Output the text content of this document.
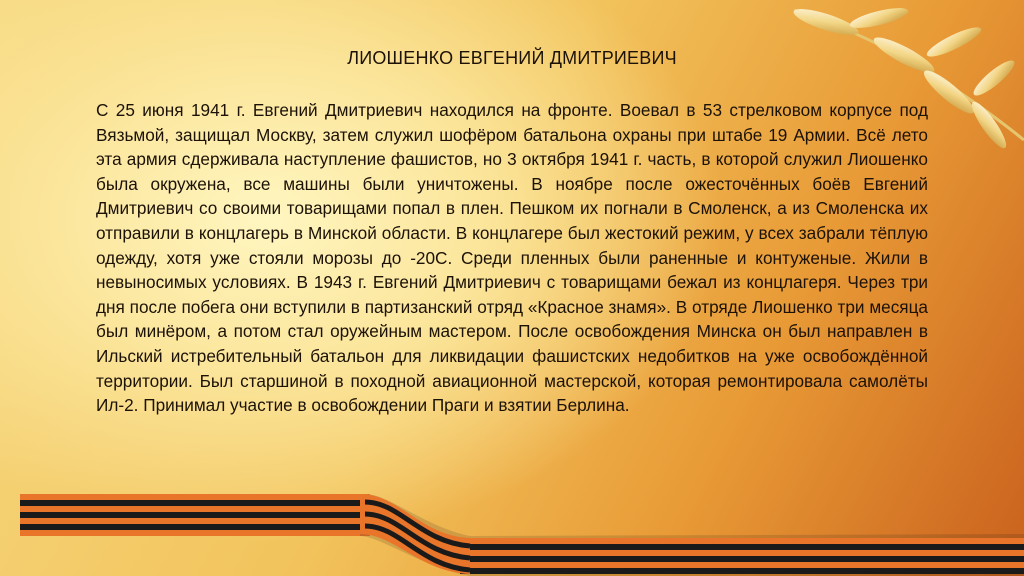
ЛИОШЕНКО ЕВГЕНИЙ ДМИТРИЕВИЧ
С 25 июня 1941 г. Евгений Дмитриевич находился на фронте. Воевал в 53 стрелковом корпусе под Вязьмой, защищал Москву, затем служил шофёром батальона охраны при штабе 19 Армии. Всё лето эта армия сдерживала наступление фашистов, но 3 октября 1941 г. часть, в которой служил Лиошенко была окружена, все машины были уничтожены. В ноябре после ожесточённых боёв Евгений Дмитриевич со своими товарищами попал в плен. Пешком их погнали в Смоленск, а из Смоленска их отправили в концлагерь в Минской области. В концлагере был жестокий режим, у всех забрали тёплую одежду, хотя уже стояли морозы до -20С. Среди пленных были раненные и контуженые. Жили в невыносимых условиях. В 1943 г. Евгений Дмитриевич с товарищами бежал из концлагеря. Через три дня после побега они вступили в партизанский отряд «Красное знамя». В отряде Лиошенко три месяца был минёром, а потом стал оружейным мастером. После освобождения Минска он был направлен в Ильский истребительный батальон для ликвидации фашистских недобитков на уже освобождённой территории. Был старшиной в походной авиационной мастерской, которая ремонтировала самолёты Ил-2. Принимал участие в освобождении Праги и взятии Берлина.
